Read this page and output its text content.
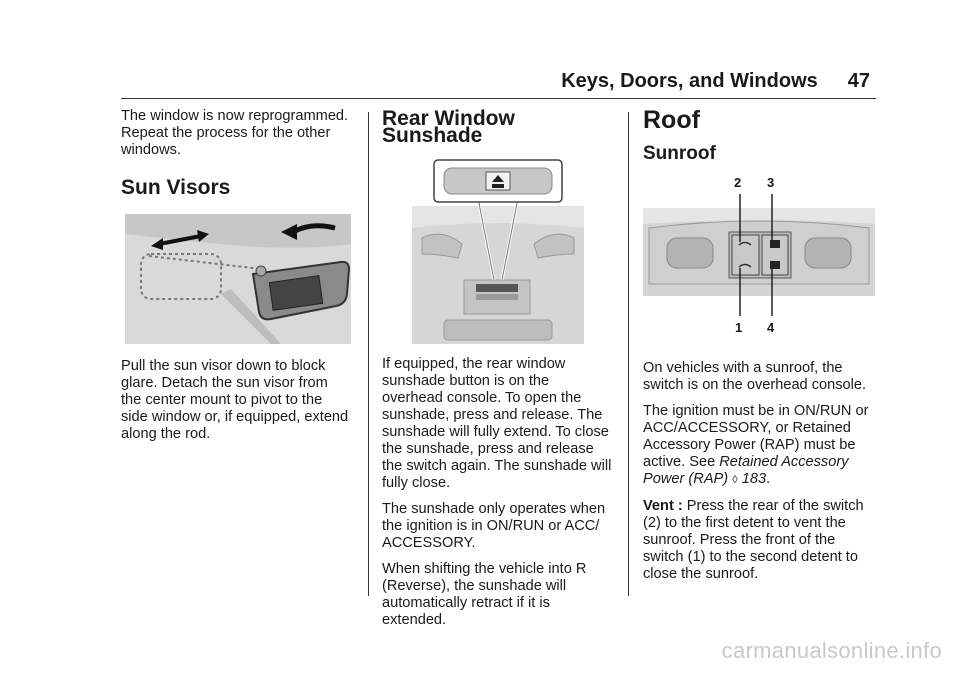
Keys, Doors, and Windows 47

The window is now reprogrammed. Repeat the process for the other windows.

Sun Visors

Pull the sun visor down to block glare. Detach the sun visor from the center mount to pivot to the side window or, if equipped, extend along the rod.

Rear Window Sunshade

If equipped, the rear window sunshade button is on the overhead console. To open the sunshade, press and release. The sunshade will fully extend. To close the sunshade, press and release the switch again. The sunshade will fully close.

The sunshade only operates when the ignition is in ON/RUN or ACC/ ACCESSORY.

When shifting the vehicle into R (Reverse), the sunshade will automatically retract if it is extended.

Roof
Sunroof
2 3
1 4

On vehicles with a sunroof, the switch is on the overhead console.

The ignition must be in ON/RUN or ACC/ACCESSORY, or Retained Accessory Power (RAP) must be active. See Retained Accessory Power (RAP) ◊ 183.

Vent : Press the rear of the switch (2) to the first detent to vent the sunroof. Press the front of the switch (1) to the second detent to close the sunroof.

carmanualsonline.info
